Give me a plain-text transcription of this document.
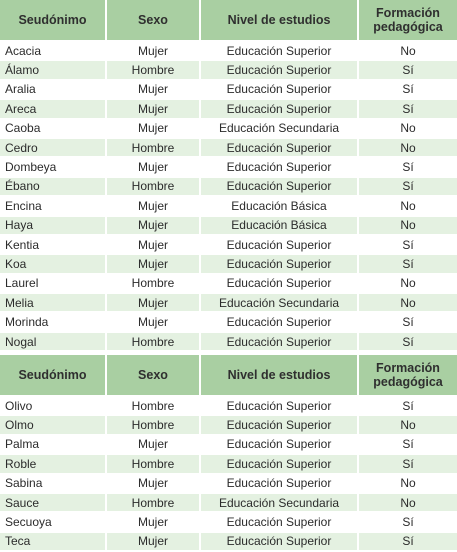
Seudónimo	Sexo	Nivel de estudios	Formación
pedagógica
Acacia	Mujer	Educación Superior	No
Álamo	Hombre	Educación Superior	Sí
Aralia	Mujer	Educación Superior	Sí
Areca	Mujer	Educación Superior	Sí
Caoba	Mujer	Educación Secundaria	No
Cedro	Hombre	Educación Superior	No
Dombeya	Mujer	Educación Superior	Sí
Ébano	Hombre	Educación Superior	Sí
Encina	Mujer	Educación Básica	No
Haya	Mujer	Educación Básica	No
Kentia	Mujer	Educación Superior	Sí
Koa	Mujer	Educación Superior	Sí
Laurel	Hombre	Educación Superior	No
Melia	Mujer	Educación Secundaria	No
Morinda	Mujer	Educación Superior	Sí
Nogal	Hombre	Educación Superior	Sí
Seudónimo	Sexo	Nivel de estudios	Formación
pedagógica
Olivo	Hombre	Educación Superior	Sí
Olmo	Hombre	Educación Superior	No
Palma	Mujer	Educación Superior	Sí
Roble	Hombre	Educación Superior	Sí
Sabina	Mujer	Educación Superior	No
Sauce	Hombre	Educación Secundaria	No
Secuoya	Mujer	Educación Superior	Sí
Teca	Mujer	Educación Superior	Sí
